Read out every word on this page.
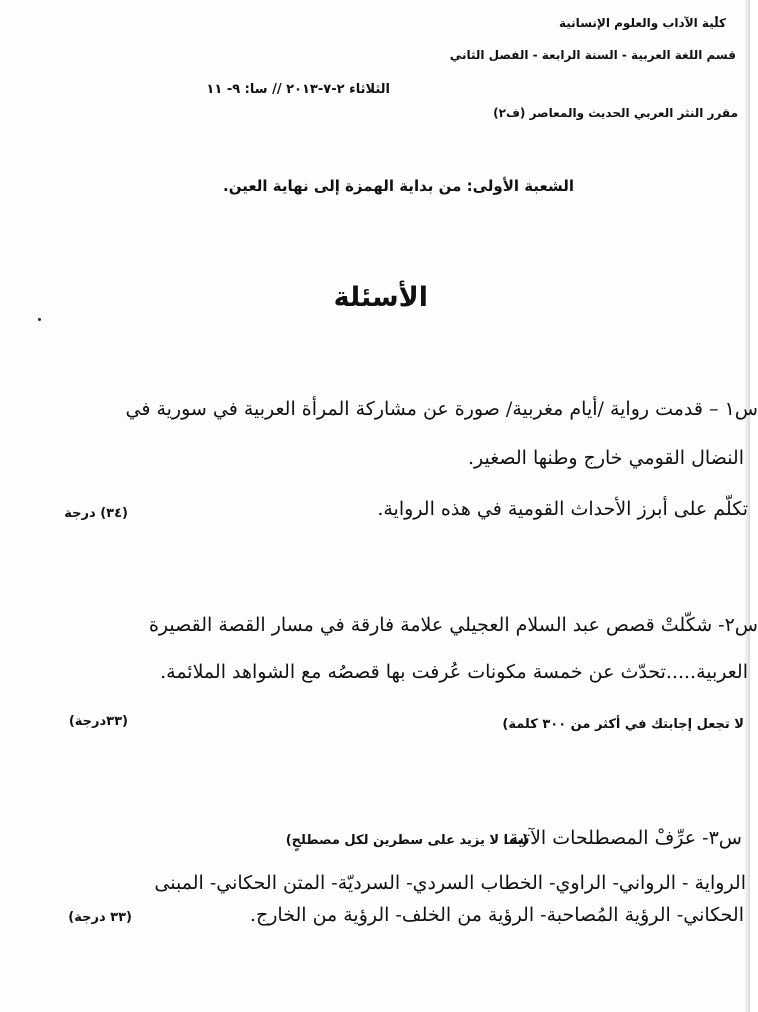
كلية الآداب والعلوم الإنسانية
قسم اللغة العربية - السنة الرابعة - الفصل الثاني
الثلاثاء ٢-٧-٢٠١٣ // سا: ٩- ١١
مقرر النثر العربي الحديث والمعاصر (ف٢)
الشعبة الأولى: من بداية الهمزة إلى نهاية العين.
الأسئلة
س١ – قدمت رواية /أيام مغربية/ صورة عن مشاركة المرأة العربية في سورية في
النضال القومي خارج وطنها الصغير.
تكلّم على أبرز الأحداث القومية في هذه الرواية.
(٣٤) درجة
س٢- شكّلتْ قصص عبد السلام العجيلي علامة فارقة في مسار القصة القصيرة
العربية.....تحدّث عن خمسة مكونات عُرفت بها قصصُه مع الشواهد الملائمة.
لا تجعل إجابتك في أكثر من ٣٠٠ كلمة)
(٣٣درجة)
س٣- عرِّفْ المصطلحات الآتية:
(بما لا يزيد على سطرين لكل مصطلحٍ)
الرواية - الرواني- الراوي- الخطاب السردي- السرديّة- المتن الحكاني- المبنى
الحكاني- الرؤية المُصاحبة- الرؤية من الخلف- الرؤية من الخارج.
(٣٣ درجة)
